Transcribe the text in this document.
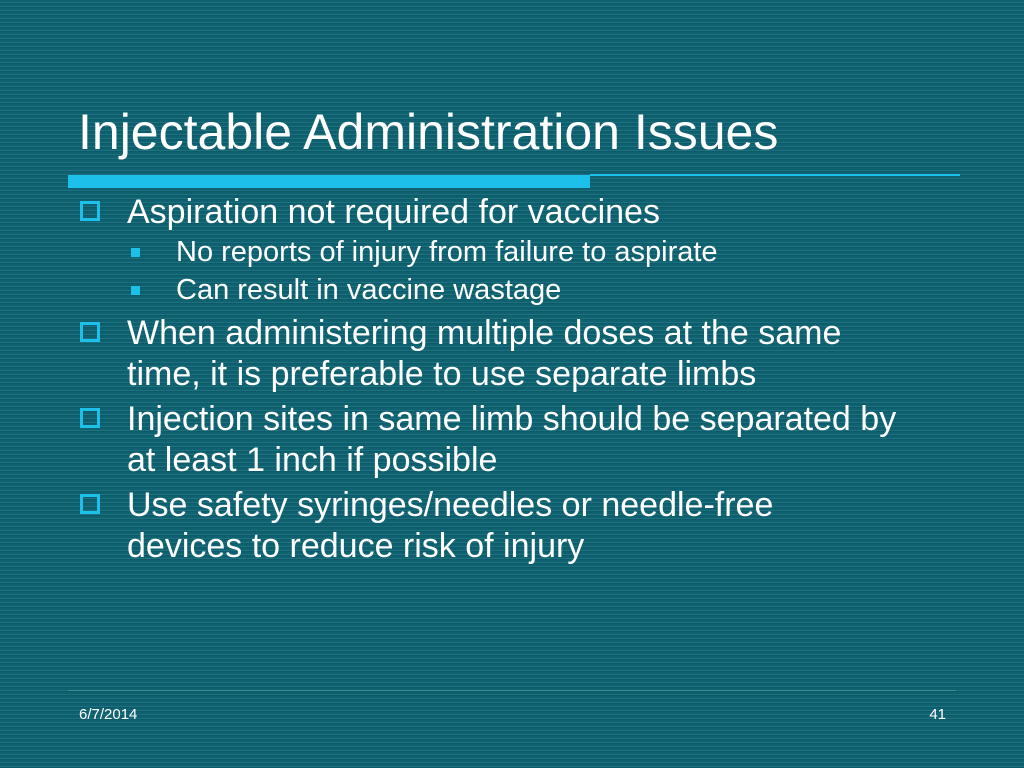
Injectable Administration Issues
Aspiration not required for vaccines
No reports of injury from failure to aspirate
Can result in vaccine wastage
When administering multiple doses at the same time, it is preferable to use separate limbs
Injection sites in same limb should be separated by at least 1 inch if possible
Use safety syringes/needles or needle-free devices to reduce risk of injury
6/7/2014	41
